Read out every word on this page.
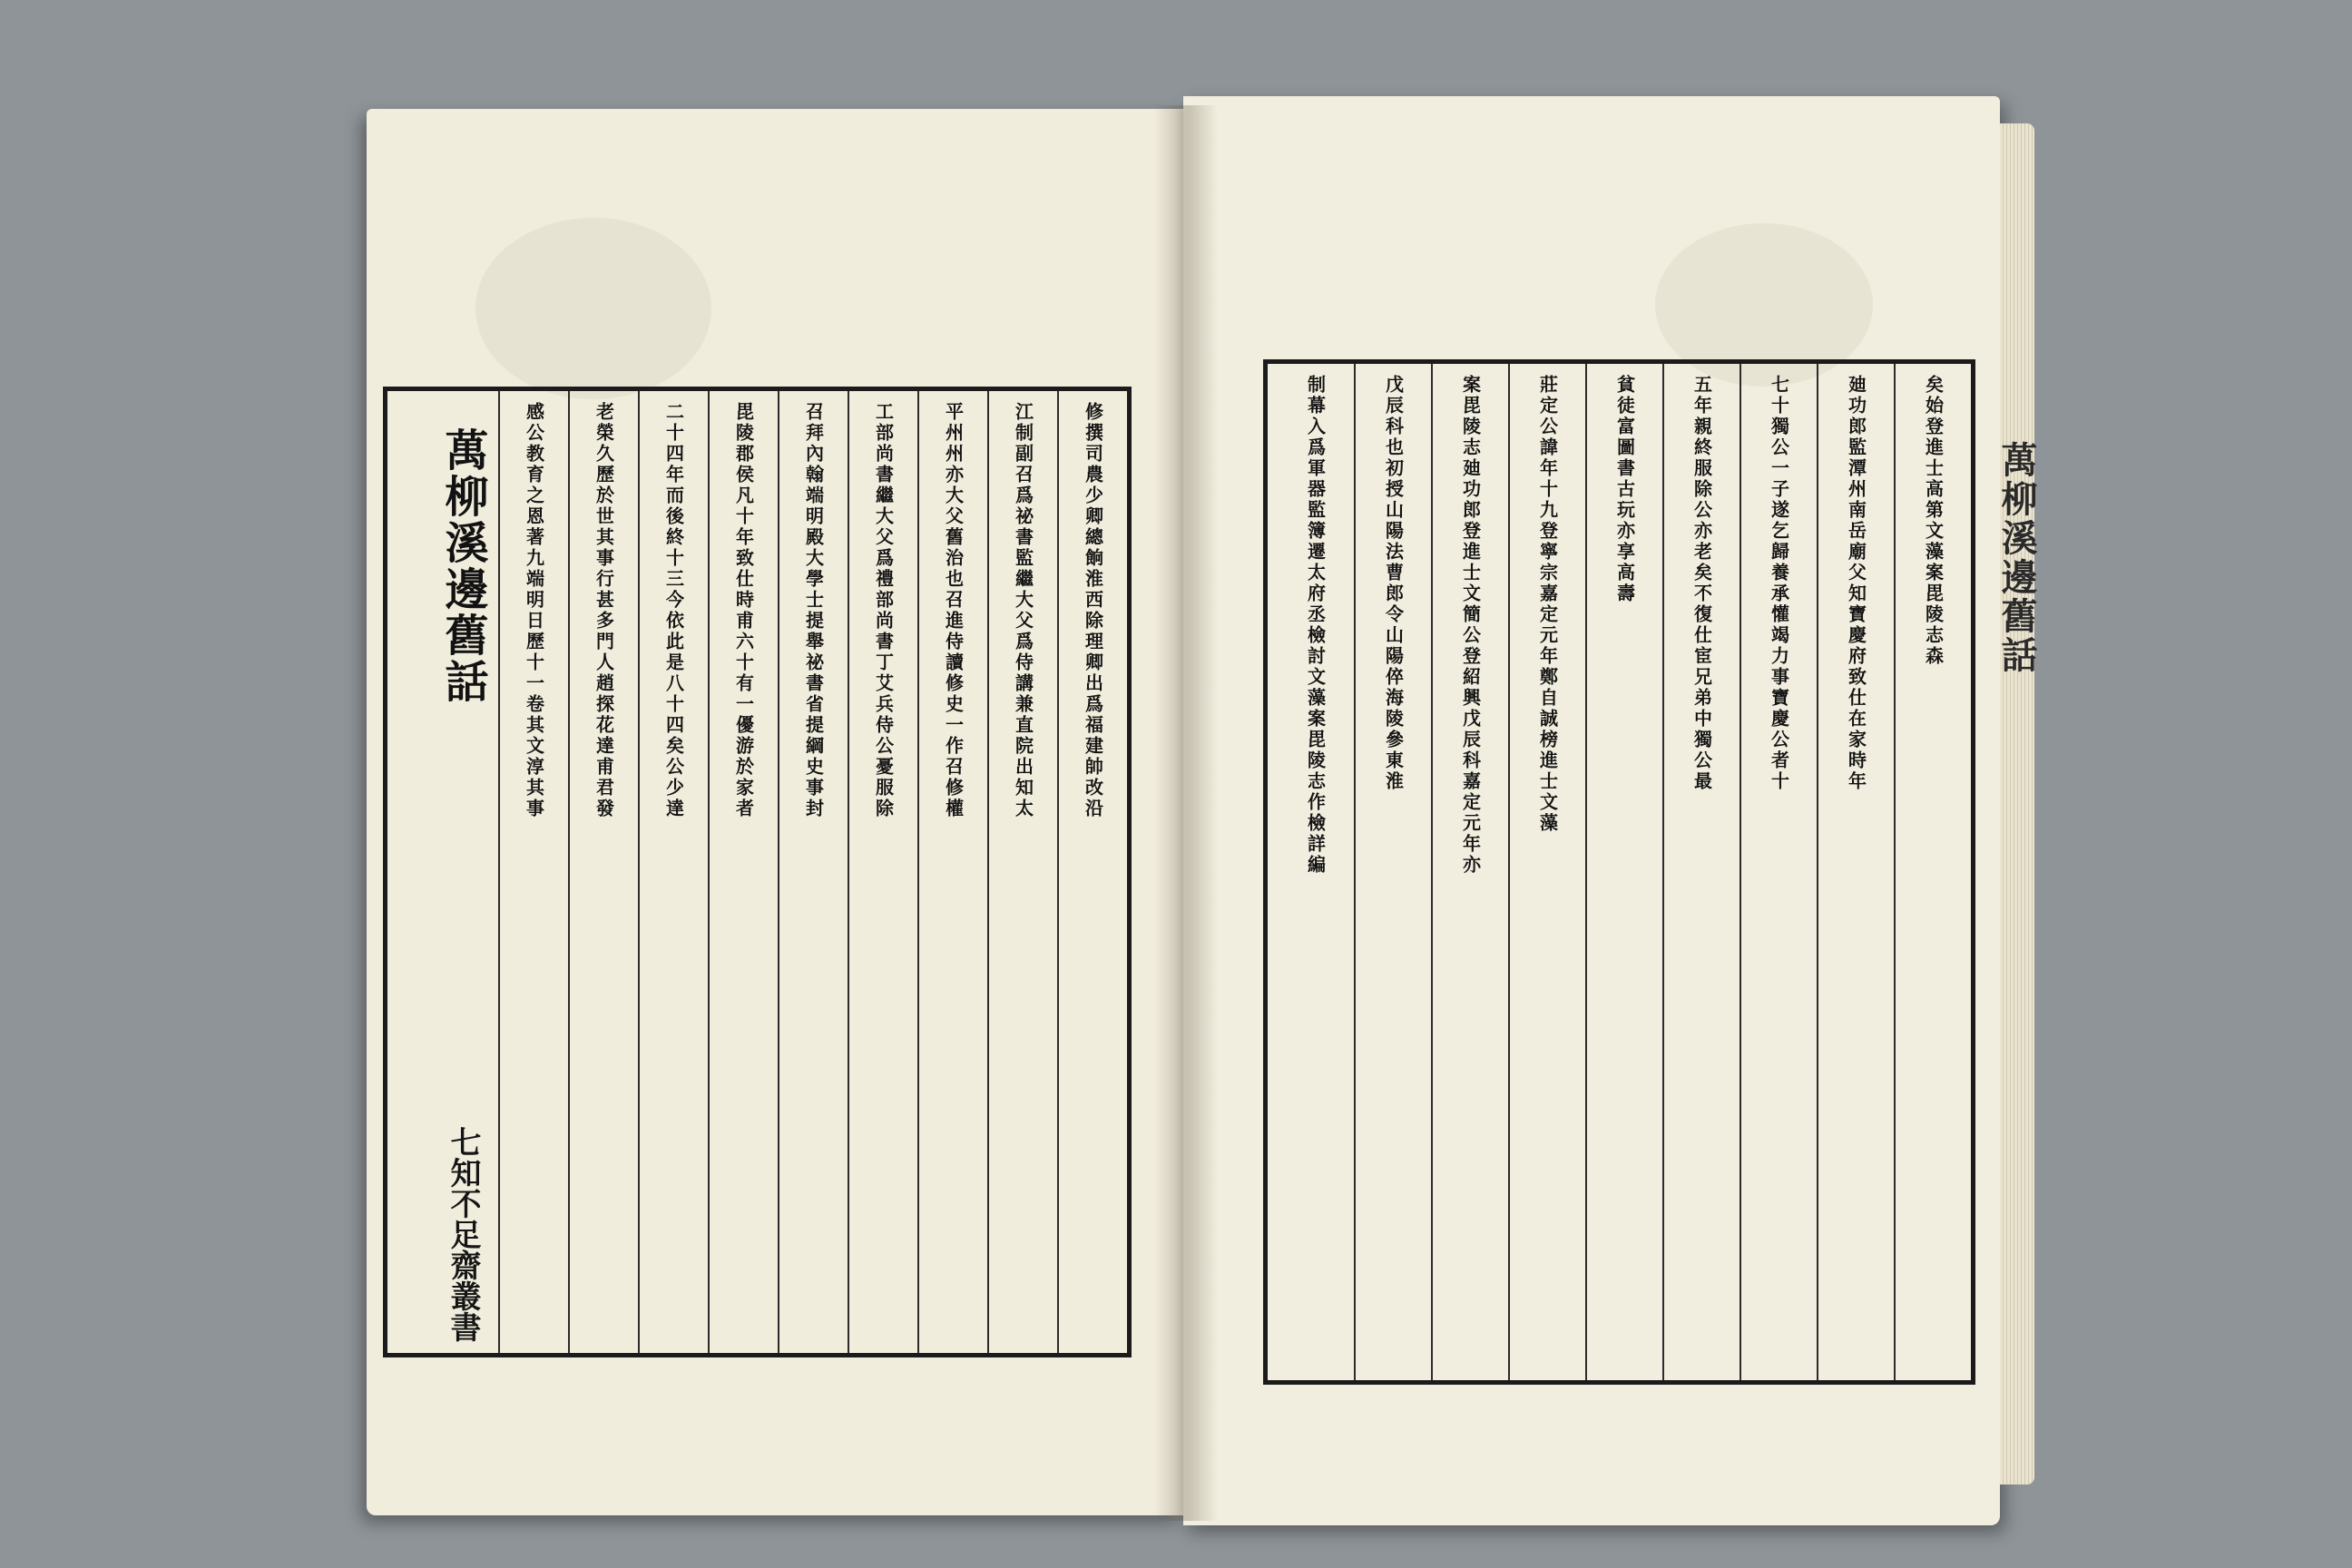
修撰司農少卿總餉淮西除理卿出爲福建帥改沿
江制副召爲祕書監繼大父爲侍講兼直院出知太
平州州亦大父舊治也召進侍讀修史一作召修權
工部尚書繼大父爲禮部尚書丁艾兵侍公憂服除
召拜內翰端明殿大學士提舉祕書省提綱史事封
毘陵郡侯凡十年致仕時甫六十有一優游於家者
二十四年而後終十三今依此是八十四矣公少達
老榮久歷於世其事行甚多門人趙探花達甫君發
感公教育之恩著九端明日歷十一卷其文淳其事
萬柳溪邊舊話
七知不足齋叢書
矣始登進士高第文藻案毘陵志森
廸功郎監潭州南岳廟父知寶慶府致仕在家時年
七十獨公一子遂乞歸養承懽竭力事寶慶公者十
五年親終服除公亦老矣不復仕宦兄弟中獨公最
貧徒富圖書古玩亦享高壽
莊定公諱年十九登寧宗嘉定元年鄭自誠榜進士文藻
案毘陵志廸功郎登進士文簡公登紹興戊辰科嘉定元年亦
戊辰科也初授山陽法曹郎令山陽倅海陵參東淮
制幕入爲軍器監簿遷太府丞檢討文藻案毘陵志作檢詳編	萬柳溪邊舊話
